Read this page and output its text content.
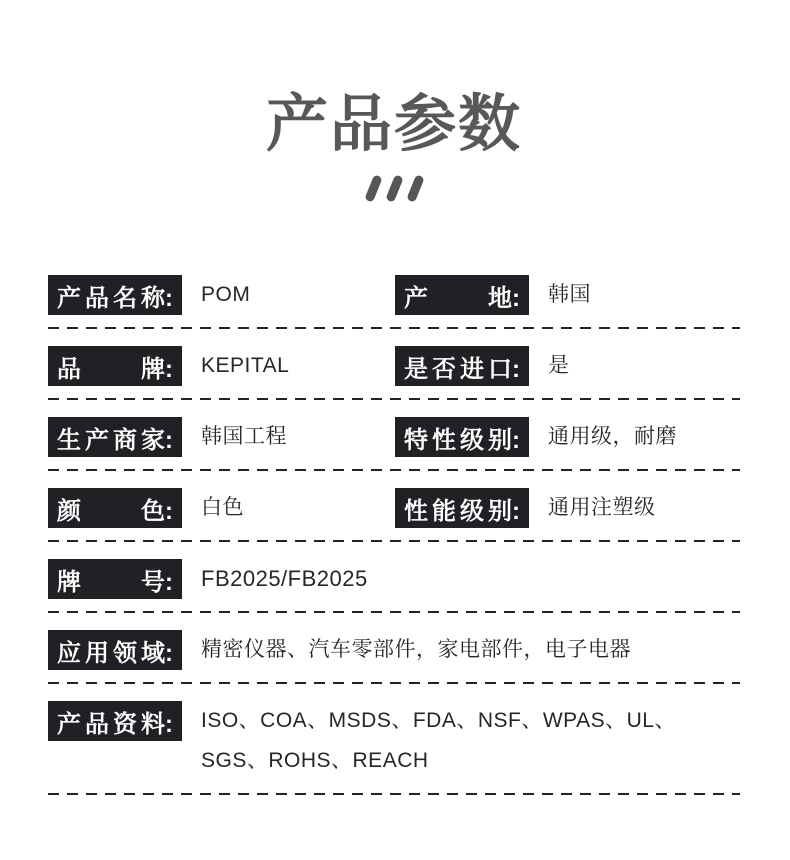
产品参数
产 品 名 称: POM	产	地: 韩国
品	牌: KEPITAL	是 否 进 口: 是
生 产 商 家: 韩国工程	特 性 级 别: 通用级，耐磨
颜	色: 白色	性 能 级 别: 通用注塑级
牌	号: FB2025/FB2025
应 用 领 域: 精密仪器、汽车零部件，家电部件，电子电器
产 品 资 料: ISO、COA、MSDS、FDA、NSF、WPAS、UL、SGS、ROHS、REACH
